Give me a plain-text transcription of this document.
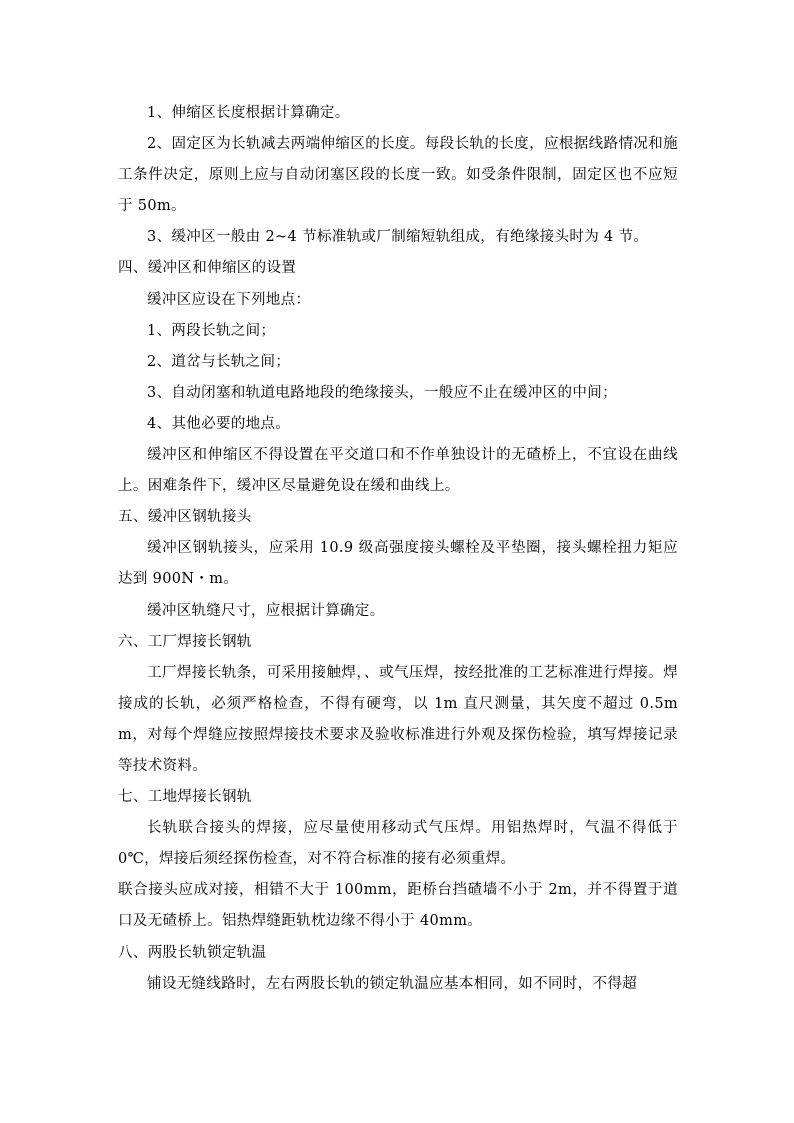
1、伸缩区长度根据计算确定。

2、固定区为长轨减去两端伸缩区的长度。每段长轨的长度，应根据线路情况和施工条件决定，原则上应与自动闭塞区段的长度一致。如受条件限制，固定区也不应短于 50m。

3、缓冲区一般由 2~4 节标准轨或厂制缩短轨组成，有绝缘接头时为 4 节。

四、缓冲区和伸缩区的设置

缓冲区应设在下列地点：

1、两段长轨之间；

2、道岔与长轨之间；

3、自动闭塞和轨道电路地段的绝缘接头，一般应不止在缓冲区的中间；

4、其他必要的地点。

缓冲区和伸缩区不得设置在平交道口和不作单独设计的无碴桥上，不宜设在曲线上。困难条件下，缓冲区尽量避免设在缓和曲线上。

五、缓冲区钢轨接头

缓冲区钢轨接头，应采用 10.9 级高强度接头螺栓及平垫圈，接头螺栓扭力矩应达到 900N・m。

缓冲区轨缝尺寸，应根据计算确定。

六、工厂焊接长钢轨

工厂焊接长轨条，可采用接触焊，、或气压焊，按经批准的工艺标准进行焊接。焊接成的长轨，必须严格检查，不得有硬弯，以 1m 直尺测量，其矢度不超过 0.5mm，对每个焊缝应按照焊接技术要求及验收标准进行外观及探伤检验，填写焊接记录等技术资料。

七、工地焊接长钢轨

长轨联合接头的焊接，应尽量使用移动式气压焊。用铝热焊时，气温不得低于 0℃，焊接后须经探伤检查，对不符合标准的接有必须重焊。

联合接头应成对接，相错不大于 100mm，距桥台挡碴墙不小于 2m，并不得置于道口及无碴桥上。铝热焊缝距轨枕边缘不得小于 40mm。

八、两股长轨锁定轨温

铺设无缝线路时，左右两股长轨的锁定轨温应基本相同，如不同时，不得超
